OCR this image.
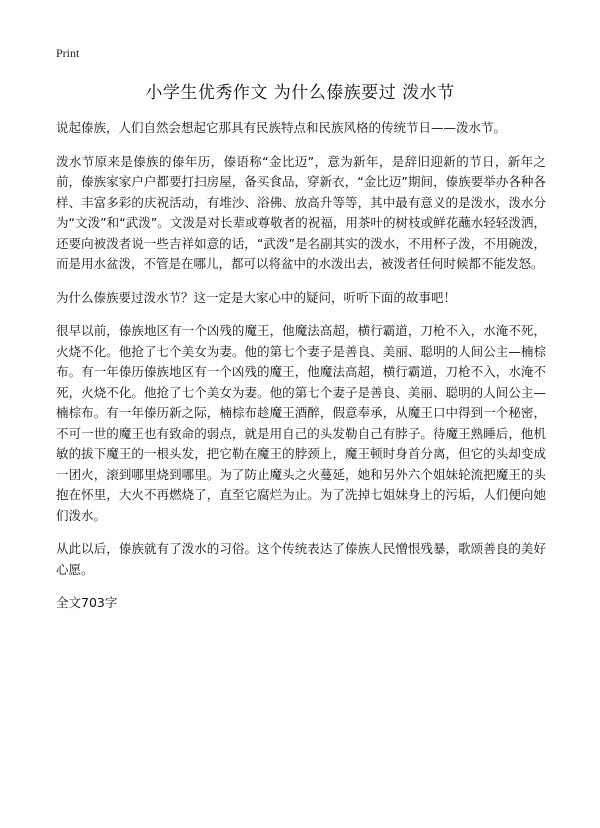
Print
小学生优秀作文 为什么傣族要过 泼水节

说起傣族，人们自然会想起它那具有民族特点和民族风格的传统节日——泼水节。

泼水节原来是傣族的傣年历，傣语称“金比迈”，意为新年，是辞旧迎新的节日，新年之前，傣族家家户户都要打扫房屋，备买食品，穿新衣，“金比迈”期间，傣族要举办各种各样、丰富多彩的庆祝活动，有堆沙、浴佛、放高升等等，其中最有意义的是泼水，泼水分为“文泼”和“武泼”。文泼是对长辈或尊敬者的祝福，用茶叶的树枝或鲜花蘸水轻轻泼洒，还要向被泼者说一些吉祥如意的话，“武泼”是名副其实的泼水，不用杯子泼，不用碗泼，而是用水盆泼，不管是在哪儿，都可以将盆中的水泼出去，被泼者任何时候都不能发怒。

为什么傣族要过泼水节？这一定是大家心中的疑问，听听下面的故事吧！

很早以前，傣族地区有一个凶残的魔王，他魔法高超，横行霸道，刀枪不入，水淹不死，火烧不化。他抢了七个美女为妻。他的第七个妻子是善良、美丽、聪明的人间公主—楠棕布。有一年傣历傣族地区有一个凶残的魔王，他魔法高超，横行霸道，刀枪不入，水淹不死，火烧不化。他抢了七个美女为妻。他的第七个妻子是善良、美丽、聪明的人间公主—楠棕布。有一年傣历新之际，楠棕布趁魔王酒醉，假意奉承，从魔王口中得到一个秘密，不可一世的魔王也有致命的弱点，就是用自己的头发勒自己有脖子。待魔王熟睡后，他机敏的拔下魔王的一根头发，把它勒在魔王的脖颈上，魔王顿时身首分离，但它的头却变成一团火，滚到哪里烧到哪里。为了防止魔头之火蔓延，她和另外六个姐妹轮流把魔王的头抱在怀里，大火不再燃烧了，直至它腐烂为止。为了洗掉七姐妹身上的污垢，人们便向她们泼水。

从此以后，傣族就有了泼水的习俗。这个传统表达了傣族人民憎恨残暴，歌颂善良的美好心愿。

全文703字
